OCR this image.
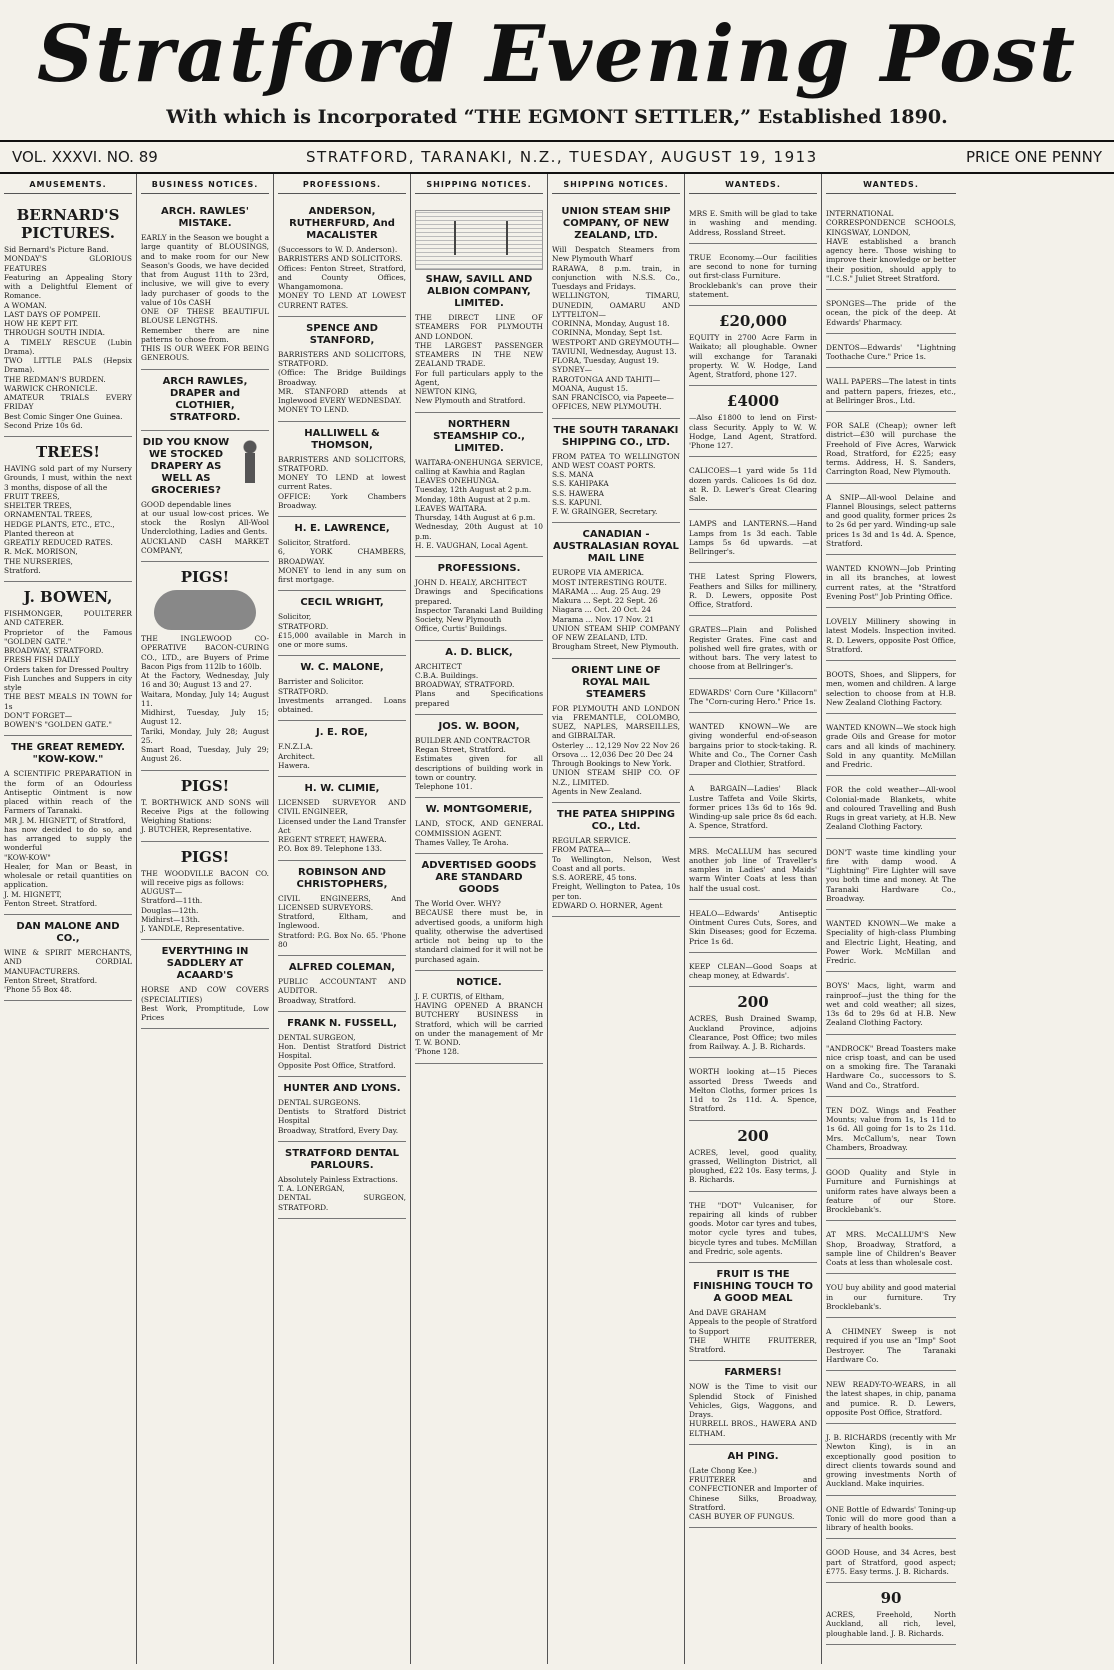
Stratford Evening Post
With which is Incorporated “THE EGMONT SETTLER,” Established 1890.
VOL. XXXVI. NO. 89	STRATFORD, TARANAKI, N.Z., TUESDAY, AUGUST 19, 1913	PRICE ONE PENNY
AMUSEMENTS.
BERNARD'S PICTURES.
Sid Bernard's Picture Band.
MONDAY'S GLORIOUS FEATURES
Featuring an Appealing Story with a Delightful Element of Romance.
A WOMAN.
LAST DAYS OF POMPEII.
HOW HE KEPT FIT.
THROUGH SOUTH INDIA.
A TIMELY RESCUE (Lubin Drama).
TWO LITTLE PALS (Hepsix Drama).
THE REDMAN'S BURDEN.
WARWICK CHRONICLE.
AMATEUR TRIALS EVERY FRIDAY
Best Comic Singer One Guinea.
Second Prize 10s 6d.
TREES!
HAVING sold part of my Nursery Grounds, I must, within the next 3 months, dispose of all the
FRUIT TREES,
SHELTER TREES,
ORNAMENTAL TREES,
HEDGE PLANTS, ETC., ETC.,
Planted thereon at
GREATLY REDUCED RATES.
R. McK. MORISON,
THE NURSERIES,
Stratford.
J. BOWEN,
FISHMONGER, POULTERER AND CATERER.
Proprietor of the Famous "GOLDEN GATE."
BROADWAY, STRATFORD.
FRESH FISH DAILY
Orders taken for Dressed Poultry
Fish Lunches and Suppers in city style
THE BEST MEALS IN TOWN for 1s
DON'T FORGET—
BOWEN'S "GOLDEN GATE."
THE GREAT REMEDY. "KOW-KOW."
A SCIENTIFIC PREPARATION in the form of an Odourless Antiseptic Ointment is now placed within reach of the Farmers of Taranaki.
MR J. M. HIGNETT, of Stratford,
has now decided to do so, and has arranged to supply the wonderful
"KOW-KOW"
Healer, for Man or Beast, in wholesale or retail quantities on application.
J. M. HIGNETT,
Fenton Street. Stratford.
DAN MALONE AND CO.,
WINE & SPIRIT MERCHANTS, AND CORDIAL MANUFACTURERS.
Fenton Street, Stratford.
'Phone 55 Box 48.
BUSINESS NOTICES.
ARCH. RAWLES' MISTAKE.
EARLY in the Season we bought a large quantity of BLOUSINGS, and to make room for our New Season's Goods, we have decided that from August 11th to 23rd, inclusive, we will give to every lady purchaser of goods to the value of 10s CASH
ONE OF THESE BEAUTIFUL BLOUSE LENGTHS.
Remember there are nine patterns to chose from.
THIS IS OUR WEEK FOR BEING GENEROUS.
ARCH RAWLES, DRAPER and CLOTHIER, STRATFORD.
DID YOU KNOW WE STOCKED DRAPERY AS WELL AS GROCERIES?
GOOD dependable lines at our usual low-cost prices. We stock the Roslyn All-Wool Underclothing, Ladies and Gents.
AUCKLAND CASH MARKET COMPANY,
PIGS!
THE INGLEWOOD CO-OPERATIVE BACON-CURING CO., LTD., are Buyers of Prime Bacon Pigs from 112lb to 160lb.
At the Factory, Wednesday, July 16 and 30; August 13 and 27.
Waitara, Monday, July 14; August 11.
Midhirst, Tuesday, July 15; August 12.
Tariki, Monday, July 28; August 25.
Smart Road, Tuesday, July 29; August 26.
PIGS!
T. BORTHWICK AND SONS will Receive Pigs at the following Weighing Stations:
J. BUTCHER, Representative.
PIGS!
THE WOODVILLE BACON CO. will receive pigs as follows:
AUGUST—
Stratford—11th.
Douglas—12th.
Midhirst—13th.
J. YANDLE, Representative.
EVERYTHING IN SADDLERY AT ACAARD'S
HORSE AND COW COVERS (SPECIALITIES)
Best Work, Promptitude, Low Prices
PROFESSIONS.
ANDERSON, RUTHERFURD, And MACALISTER
(Successors to W. D. Anderson).
BARRISTERS AND SOLICITORS.
Offices: Fenton Street, Stratford, and County Offices, Whangamomona.
MONEY TO LEND AT LOWEST CURRENT RATES.
SPENCE AND STANFORD,
BARRISTERS AND SOLICITORS, STRATFORD.
(Office: The Bridge Buildings Broadway.
MR. STANFORD attends at Inglewood EVERY WEDNESDAY.
MONEY TO LEND.
HALLIWELL & THOMSON,
BARRISTERS AND SOLICITORS, STRATFORD.
MONEY TO LEND at lowest current Rates.
OFFICE: York Chambers Broadway.
H. E. LAWRENCE,
Solicitor, Stratford.
6, YORK CHAMBERS, BROADWAY.
MONEY to lend in any sum on first mortgage.
CECIL WRIGHT,
Solicitor,
STRATFORD.
£15,000 available in March in one or more sums.
W. C. MALONE,
Barrister and Solicitor.
STRATFORD.
Investments arranged. Loans obtained.
J. E. ROE,
F.N.Z.I.A.
Architect.
Hawera.
H. W. CLIMIE,
LICENSED SURVEYOR AND CIVIL ENGINEER,
Licensed under the Land Transfer Act
REGENT STREET, HAWERA.
P.O. Box 89. Telephone 133.
ROBINSON AND CHRISTOPHERS,
CIVIL ENGINEERS, And LICENSED SURVEYORS.
Stratford, Eltham, and Inglewood.
Stratford: P.G. Box No. 65. 'Phone 80
ALFRED COLEMAN,
PUBLIC ACCOUNTANT AND AUDITOR.
Broadway, Stratford.
FRANK N. FUSSELL,
DENTAL SURGEON,
Hon. Dentist Stratford District Hospital.
Opposite Post Office, Stratford.
HUNTER AND LYONS.
DENTAL SURGEONS.
Dentists to Stratford District Hospital
Broadway, Stratford, Every Day.
STRATFORD DENTAL PARLOURS.
Absolutely Painless Extractions.
T. A. LONERGAN,
DENTAL SURGEON, STRATFORD.
SHIPPING NOTICES.
SHAW, SAVILL AND ALBION COMPANY, LIMITED.
THE DIRECT LINE OF STEAMERS FOR PLYMOUTH AND LONDON.
THE LARGEST PASSENGER STEAMERS IN THE NEW ZEALAND TRADE.
For full particulars apply to the Agent,
NEWTON KING,
New Plymouth and Stratford.
NORTHERN STEAMSHIP CO., LIMITED.
WAITARA-ONEHUNGA SERVICE, calling at Kawhia and Raglan
LEAVES ONEHUNGA.
Tuesday, 12th August at 2 p.m.
Monday, 18th August at 2 p.m.
LEAVES WAITARA.
Thursday, 14th August at 6 p.m.
Wednesday, 20th August at 10 p.m.
H. E. VAUGHAN, Local Agent.
PROFESSIONS.
JOHN D. HEALY, ARCHITECT
Drawings and Specifications prepared.
Inspector Taranaki Land Building Society, New Plymouth
Office, Curtis' Buildings.
A. D. BLICK,
ARCHITECT
C.B.A. Buildings.
BROADWAY, STRATFORD.
Plans and Specifications prepared
JOS. W. BOON,
BUILDER AND CONTRACTOR
Regan Street, Stratford.
Estimates given for all descriptions of building work in town or country.
Telephone 101.
W. MONTGOMERIE,
LAND, STOCK, AND GENERAL COMMISSION AGENT.
Thames Valley, Te Aroha.
ADVERTISED GOODS ARE STANDARD GOODS
The World Over. WHY?
BECAUSE there must be, in advertised goods, a uniform high quality, otherwise the advertised article not being up to the standard claimed for it will not be purchased again.
NOTICE.
J. F. CURTIS, of Eltham,
HAVING OPENED A BRANCH BUTCHERY BUSINESS in Stratford, which will be carried on under the management of Mr T. W. BOND.
'Phone 128.
SHIPPING NOTICES.
UNION STEAM SHIP COMPANY, OF NEW ZEALAND, LTD.
Will Despatch Steamers from New Plymouth Wharf
RARAWA, 8 p.m. train, in conjunction with N.S.S. Co., Tuesdays and Fridays.
WELLINGTON, TIMARU, DUNEDIN, OAMARU AND LYTTELTON—
CORINNA, Monday, August 18.
CORINNA, Monday, Sept 1st.
WESTPORT AND GREYMOUTH—
TAVIUNI, Wednesday, August 13.
FLORA, Tuesday, August 19.
SYDNEY—
RAROTONGA AND TAHITI—
MOANA, August 15.
SAN FRANCISCO, via Papeete—
OFFICES, NEW PLYMOUTH.
THE SOUTH TARANAKI SHIPPING CO., LTD.
FROM PATEA TO WELLINGTON AND WEST COAST PORTS.
S.S. MANA
S.S. KAHIPAKA
S.S. HAWERA
S.S. KAPUNI.
F. W. GRAINGER, Secretary.
CANADIAN - AUSTRALASIAN ROYAL MAIL LINE
EUROPE VIA AMERICA.
MOST INTERESTING ROUTE.
MARAMA ... Aug. 25 Aug. 29
Makura ... Sept. 22 Sept. 26
Niagara ... Oct. 20 Oct. 24
Marama ... Nov. 17 Nov. 21
UNION STEAM SHIP COMPANY OF NEW ZEALAND, LTD.
Brougham Street, New Plymouth.
ORIENT LINE OF ROYAL MAIL STEAMERS
FOR PLYMOUTH AND LONDON via FREMANTLE, COLOMBO, SUEZ, NAPLES, MARSEILLES, and GIBRALTAR.
Osterley ... 12,129 Nov 22 Nov 26
Orsova ... 12,036 Dec 20 Dec 24
Through Bookings to New York.
UNION STEAM SHIP CO. OF N.Z., LIMITED.
Agents in New Zealand.
THE PATEA SHIPPING CO., Ltd.
REGULAR SERVICE.
FROM PATEA—
To Wellington, Nelson, West Coast and all ports.
S.S. AORERE, 45 tons.
Freight, Wellington to Patea, 10s per ton.
EDWARD O. HORNER, Agent
WANTEDS.
MRS E. Smith will be glad to take in washing and mending. Address, Rossland Street.
TRUE Economy.—Our facilities are second to none for turning out first-class Furniture.
Brocklebank's can prove their statement.
£20,000
EQUITY in 2700 Acre Farm in Waikato; all ploughable. Owner will exchange for Taranaki property. W. W. Hodge, Land Agent, Stratford, phone 127.
£4000
—Also £1800 to lend on First-class Security. Apply to W. W. Hodge, Land Agent, Stratford. 'Phone 127.
CALICOES—1 yard wide 5s 11d dozen yards. Calicoes 1s 6d doz. at R. D. Lewer's Great Clearing Sale.
LAMPS and LANTERNS.—Hand Lamps from 1s 3d each. Table Lamps 5s 6d upwards. —at Bellringer's.
THE Latest Spring Flowers, Feathers and Silks for millinery, R. D. Lewers, opposite Post Office, Stratford.
GRATES—Plain and Polished Register Grates. Fine cast and polished well fire grates, with or without bars. The very latest to choose from at Bellringer's.
EDWARDS' Corn Cure "Killacorn" The "Corn-curing Hero." Price 1s.
WANTED KNOWN—We are giving wonderful end-of-season bargains prior to stock-taking. R. White and Co., The Corner Cash Draper and Clothier, Stratford.
A BARGAIN—Ladies' Black Lustre Taffeta and Voile Skirts, former prices 13s 6d to 16s 9d. Winding-up sale price 8s 6d each. A. Spence, Stratford.
MRS. McCALLUM has secured another job line of Traveller's samples in Ladies' and Maids' warm Winter Coats at less than half the usual cost.
HEALO—Edwards' Antiseptic Ointment Cures Cuts, Sores, and Skin Diseases; good for Eczema. Price 1s 6d.
KEEP CLEAN—Good Soaps at cheap money, at Edwards'.
200
ACRES, Bush Drained Swamp, Auckland Province, adjoins Clearance, Post Office; two miles from Railway. A. J. B. Richards.
WORTH looking at—15 Pieces assorted Dress Tweeds and Melton Cloths, former prices 1s 11d to 2s 11d. A. Spence, Stratford.
200
ACRES, level, good quality, grassed, Wellington District, all ploughed, £22 10s. Easy terms, J. B. Richards.
THE "DOT" Vulcaniser, for repairing all kinds of rubber goods. Motor car tyres and tubes, motor cycle tyres and tubes, bicycle tyres and tubes. McMillan and Fredric, sole agents.
FRUIT IS THE FINISHING TOUCH TO A GOOD MEAL
And DAVE GRAHAM
Appeals to the people of Stratford to Support
THE WHITE FRUITERER, Stratford.
FARMERS!
NOW is the Time to visit our Splendid Stock of Finished Vehicles, Gigs, Waggons, and Drays.
HURRELL BROS., HAWERA AND ELTHAM.
AH PING.
(Late Chong Kee.)
FRUITERER and CONFECTIONER and Importer of Chinese Silks, Broadway, Stratford.
CASH BUYER OF FUNGUS.
WANTEDS.
INTERNATIONAL CORRESPONDENCE SCHOOLS, KINGSWAY, LONDON,
HAVE established a branch agency here. Those wishing to improve their knowledge or better their position, should apply to "I.C.S." Juliet Street Stratford.
SPONGES—The pride of the ocean, the pick of the deep. At Edwards' Pharmacy.
DENTOS—Edwards' "Lightning Toothache Cure." Price 1s.
WALL PAPERS—The latest in tints and pattern papers, friezes, etc., at Bellringer Bros., Ltd.
FOR SALE (Cheap); owner left district—£30 will purchase the Freehold of Five Acres, Warwick Road, Stratford, for £225; easy terms. Address, H. S. Sanders, Carrington Road, New Plymouth.
A SNIP—All-wool Delaine and Flannel Blousings, select patterns and good quality, former prices 2s to 2s 6d per yard. Winding-up sale prices 1s 3d and 1s 4d. A. Spence, Stratford.
WANTED KNOWN—Job Printing in all its branches, at lowest current rates, at the "Stratford Evening Post" Job Printing Office.
LOVELY Millinery showing in latest Models. Inspection invited. R. D. Lewers, opposite Post Office, Stratford.
BOOTS, Shoes, and Slippers, for men, women and children. A large selection to choose from at H.B. New Zealand Clothing Factory.
WANTED KNOWN—We stock high grade Oils and Grease for motor cars and all kinds of machinery. Sold in any quantity. McMillan and Fredric.
FOR the cold weather—All-wool Colonial-made Blankets, white and coloured Travelling and Bush Rugs in great variety, at H.B. New Zealand Clothing Factory.
DON'T waste time kindling your fire with damp wood. A "Lightning" Fire Lighter will save you both time and money. At The Taranaki Hardware Co., Broadway.
WANTED KNOWN—We make a Speciality of high-class Plumbing and Electric Light, Heating, and Power Work. McMillan and Fredric.
BOYS' Macs, light, warm and rainproof—just the thing for the wet and cold weather; all sizes, 13s 6d to 29s 6d at H.B. New Zealand Clothing Factory.
"ANDROCK" Bread Toasters make nice crisp toast, and can be used on a smoking fire. The Taranaki Hardware Co., successors to S. Wand and Co., Stratford.
TEN DOZ. Wings and Feather Mounts; value from 1s, 1s 11d to 1s 6d. All going for 1s to 2s 11d. Mrs. McCallum's, near Town Chambers, Broadway.
GOOD Quality and Style in Furniture and Furnishings at uniform rates have always been a feature of our Store. Brocklebank's.
AT MRS. McCALLUM'S New Shop, Broadway, Stratford, a sample line of Children's Beaver Coats at less than wholesale cost.
YOU buy ability and good material in our furniture. Try Brocklebank's.
A CHIMNEY Sweep is not required if you use an "Imp" Soot Destroyer. The Taranaki Hardware Co.
NEW READY-TO-WEARS, in all the latest shapes, in chip, panama and pumice. R. D. Lewers, opposite Post Office, Stratford.
J. B. RICHARDS (recently with Mr Newton King), is in an exceptionally good position to direct clients towards sound and growing investments North of Auckland. Make inquiries.
ONE Bottle of Edwards' Toning-up Tonic will do more good than a library of health books.
GOOD House, and 34 Acres, best part of Stratford, good aspect; £775. Easy terms. J. B. Richards.
90
ACRES, Freehold, North Auckland, all rich, level, ploughable land. J. B. Richards.
